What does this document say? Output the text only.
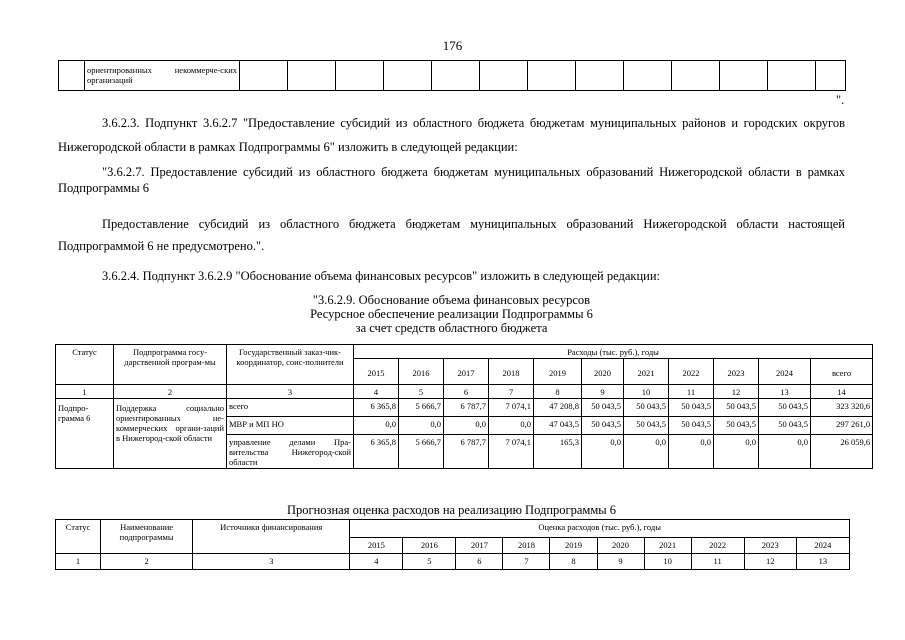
176
	ориентированных некоммерче-ских организаций													
".
3.6.2.3. Подпункт 3.6.2.7 "Предоставление субсидий из областного бюджета бюджетам муниципальных районов и городских округов Нижегородской области в рамках Подпрограммы 6" изложить в следующей редакции:
"3.6.2.7. Предоставление субсидий из областного бюджета бюджетам муниципальных образований Нижегородской области в рамках Подпрограммы 6
Предоставление субсидий из областного бюджета бюджетам муниципальных образований Нижегородской области настоящей Подпрограммой 6 не предусмотрено.".
3.6.2.4. Подпункт 3.6.2.9 "Обоснование объема финансовых ресурсов" изложить в следующей редакции:
"3.6.2.9. Обоснование объема финансовых ресурсов
Ресурсное обеспечение реализации Подпрограммы 6
за счет средств областного бюджета
Статус	Подпрограмма госу-дарственной програм-мы	Государственный заказ-чик-координатор, соис-полнители	Расходы (тыс. руб.), годы										
			2015	2016	2017	2018	2019	2020	2021	2022	2023	2024	всего
1	2	3	4	5	6	7	8	9	10	11	12	13	14
Подпро-грамма 6	Поддержка социально ориентированных не-коммерческих органи-заций в Нижегород-ской области	всего	6 365,8	5 666,7	6 787,7	7 074,1	47 208,8	50 043,5	50 043,5	50 043,5	50 043,5	50 043,5	323 320,6
		МВР и МП НО	0,0	0,0	0,0	0,0	47 043,5	50 043,5	50 043,5	50 043,5	50 043,5	50 043,5	297 261,0
		управление делами Пра-вительства Нижегород-ской области	6 365,8	5 666,7	6 787,7	7 074,1	165,3	0,0	0,0	0,0	0,0	0,0	26 059,6
Прогнозная оценка расходов на реализацию Подпрограммы 6
Статус	Наименование подпрограммы	Источники финансирования	Оценка расходов (тыс. руб.), годы									
			2015	2016	2017	2018	2019	2020	2021	2022	2023	2024
1	2	3	4	5	6	7	8	9	10	11	12	13
